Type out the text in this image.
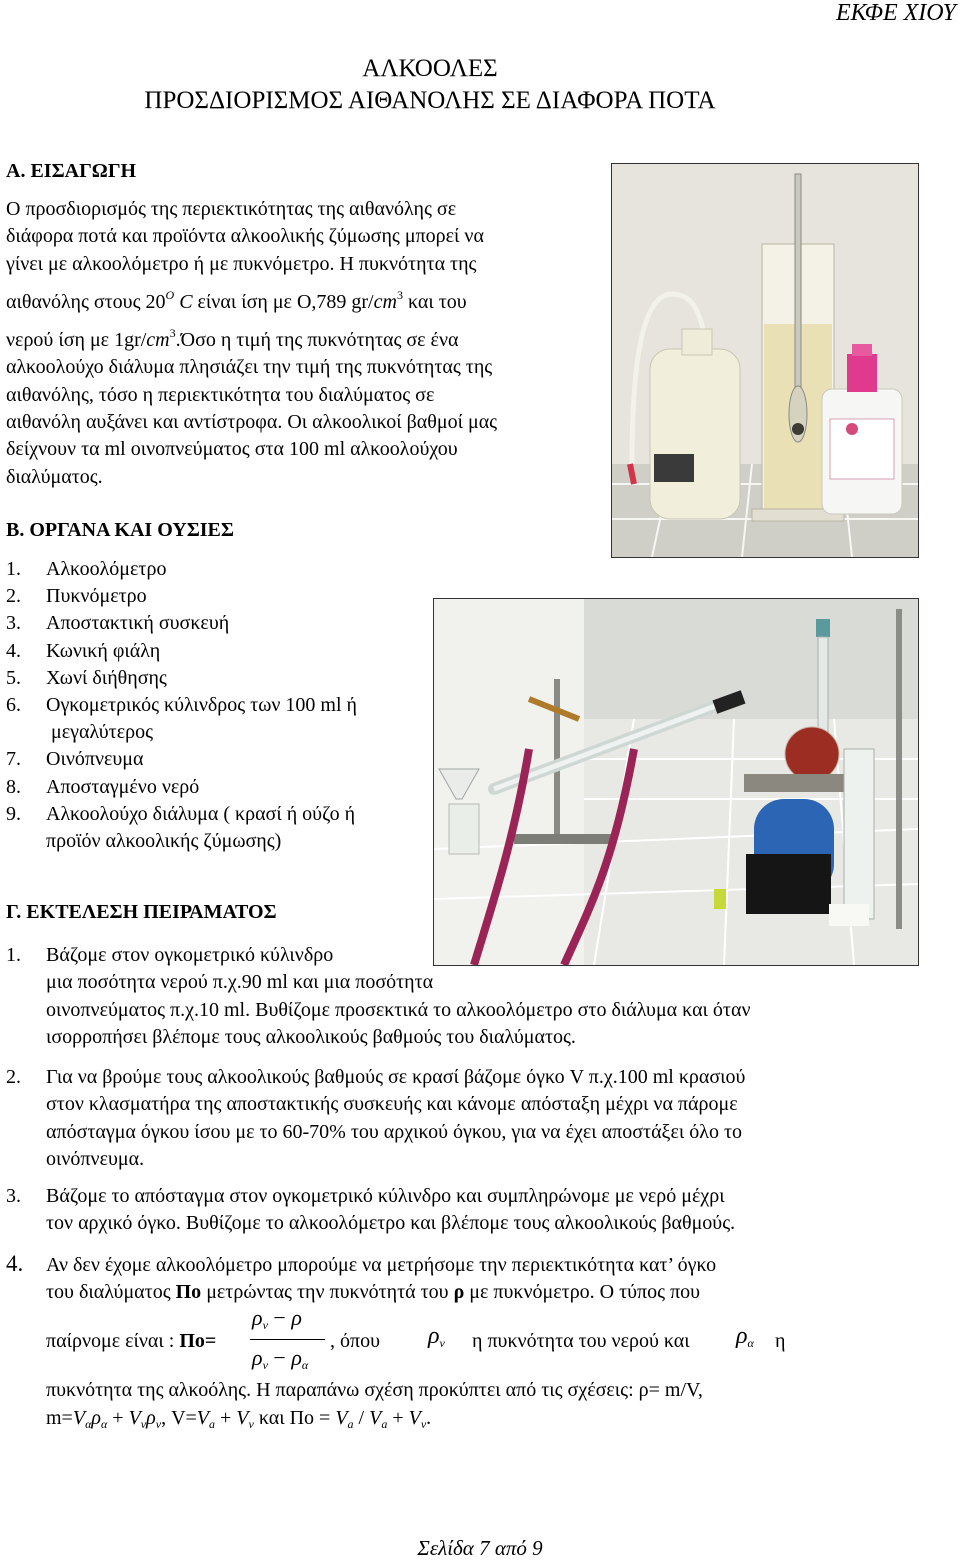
ΕΚΦΕ ΧΙΟΥ
ΑΛΚΟΟΛΕΣ
ΠΡΟΣΔΙΟΡΙΣΜΟΣ ΑΙΘΑΝΟΛΗΣ ΣΕ ΔΙΑΦΟΡΑ ΠΟΤΑ
Α. ΕΙΣΑΓΩΓΗ
Ο προσδιορισμός της περιεκτικότητας της αιθανόλης σε
διάφορα ποτά και προϊόντα αλκοολικής ζύμωσης μπορεί να
γίνει με αλκοολόμετρο ή με πυκνόμετρο. Η πυκνότητα της
αιθανόλης στους $20^O$ C είναι ίση με Ο,789 $gr/cm^3$ και του
νερού ίση με $1gr/cm^3.Ό\sigma o$ η τιμή της πυκνότητας σε ένα
αλκοολούχο διάλυμα πλησιάζει την τιμή της πυκνότητας της
αιθανόλης, τόσο η περιεκτικότητα του διαλύματος σε
αιθανόλη αυξάνει και αντίστροφα. Οι αλκοολικοί βαθμοί μας
δείχνουν τα ml οινοπνεύματος στα 100 ml αλκοολούχου
διαλύματος.
Β. ΟΡΓΑΝΑ ΚΑΙ ΟΥΣΙΕΣ
1. Αλκοολόμετρο
2. Πυκνόμετρο
3. Αποστακτική συσκευή
4. Κωνική φιάλη
5. Χωνί διήθησης
6. Ογκομετρικός κύλινδρος των 100 ml ή
μεγαλύτερος
7. Οινόπνευμα
8. Αποσταγμένο νερό
9. Αλκοολούχο διάλυμα ( κρασί ή ούζο ή
προϊόν αλκοολικής ζύμωσης)
Γ. ΕΚΤΕΛΕΣΗ ΠΕΙΡΑΜΑΤΟΣ
1. Βάζομε στον ογκομετρικό κύλινδρο
μια ποσότητα νερού π.χ.90 ml και μια ποσότητα
οινοπνεύματος π.χ.10 ml. Βυθίζομε προσεκτικά το αλκοολόμετρο στο διάλυμα και όταν
ισορροπήσει βλέπομε τους αλκοολικούς βαθμούς του διαλύματος.
2. Για να βρούμε τους αλκοολικούς βαθμούς σε κρασί βάζομε όγκο V π.χ.100 ml κρασιού
στον κλασματήρα της αποστακτικής συσκευής και κάνομε απόσταξη μέχρι να πάρομε
απόσταγμα όγκου ίσου με το 60-70% του αρχικού όγκου, για να έχει αποστάξει όλο το
οινόπνευμα.
3. Βάζομε το απόσταγμα στον ογκομετρικό κύλινδρο και συμπληρώνομε με νερό μέχρι
τον αρχικό όγκο. Βυθίζομε το αλκοολόμετρο και βλέπομε τους αλκοολικούς βαθμούς.
4. Αν δεν έχομε αλκοολόμετρο μπορούμε να μετρήσομε την περιεκτικότητα κατ’ όγκο
του διαλύματος Πο μετρώντας την πυκνότητά του ρ με πυκνόμετρο. Ο τύπος που
παίρνομε είναι : Πο=
$\rho_\nu - \rho$
$\rho_\nu - \rho_\alpha$
, όπου $\rho_\nu$ η πυκνότητα του νερού και $\rho_\alpha$ η
πυκνότητα της αλκοόλης. Η παραπάνω σχέση προκύπτει από τις σχέσεις: ρ= m/V,
$m=V_\alpha\rho_\alpha + V_\nu\rho_\nu$, $V=V_a + V_\nu$ και $\Pi o = V_a / V_a + V_\nu$.
Σελίδα 7 από 9
